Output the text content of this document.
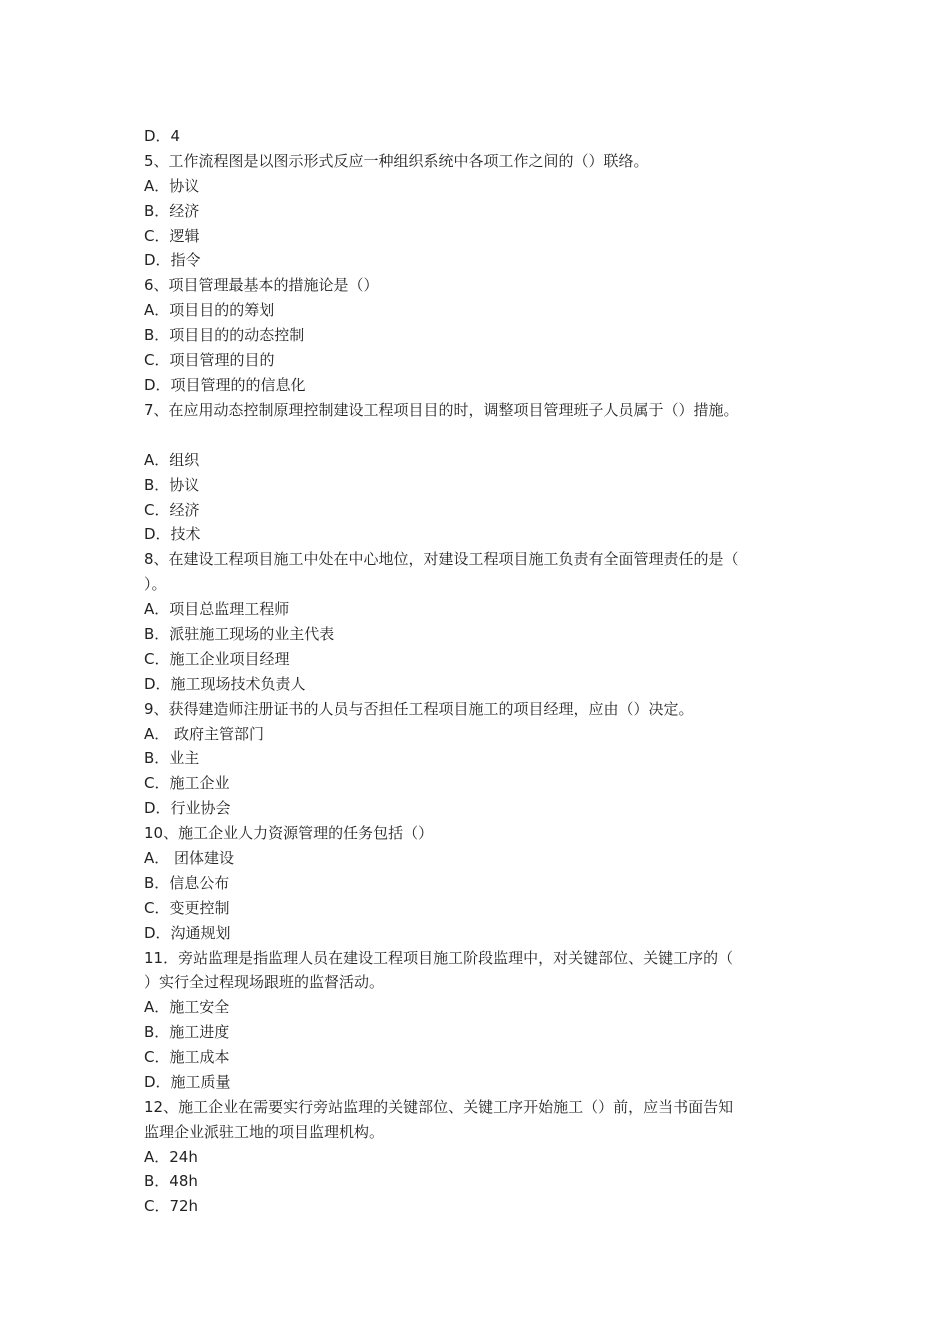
D．4
5、工作流程图是以图示形式反应一种组织系统中各项工作之间的（）联络。
A．协议
B．经济
C．逻辑
D．指令
6、项目管理最基本的措施论是（）
A．项目目的的筹划
B．项目目的的动态控制
C．项目管理的目的
D．项目管理的的信息化
7、在应用动态控制原理控制建设工程项目目的时，调整项目管理班子人员属于（）措施。
A．组织
B．协议
C．经济
D．技术
8、在建设工程项目施工中处在中心地位，对建设工程项目施工负责有全面管理责任的是（
）。
A．项目总监理工程师
B．派驻施工现场的业主代表
C．施工企业项目经理
D．施工现场技术负责人
9、获得建造师注册证书的人员与否担任工程项目施工的项目经理，应由（）决定。
A． 政府主管部门
B．业主
C．施工企业
D．行业协会
10、施工企业人力资源管理的任务包括（）
A． 团体建设
B．信息公布
C．变更控制
D．沟通规划
11．旁站监理是指监理人员在建设工程项目施工阶段监理中，对关键部位、关键工序的（
）实行全过程现场跟班的监督活动。
A．施工安全
B．施工进度
C．施工成本
D．施工质量
12、施工企业在需要实行旁站监理的关键部位、关键工序开始施工（）前，应当书面告知
监理企业派驻工地的项目监理机构。
A．24h
B．48h
C．72h
